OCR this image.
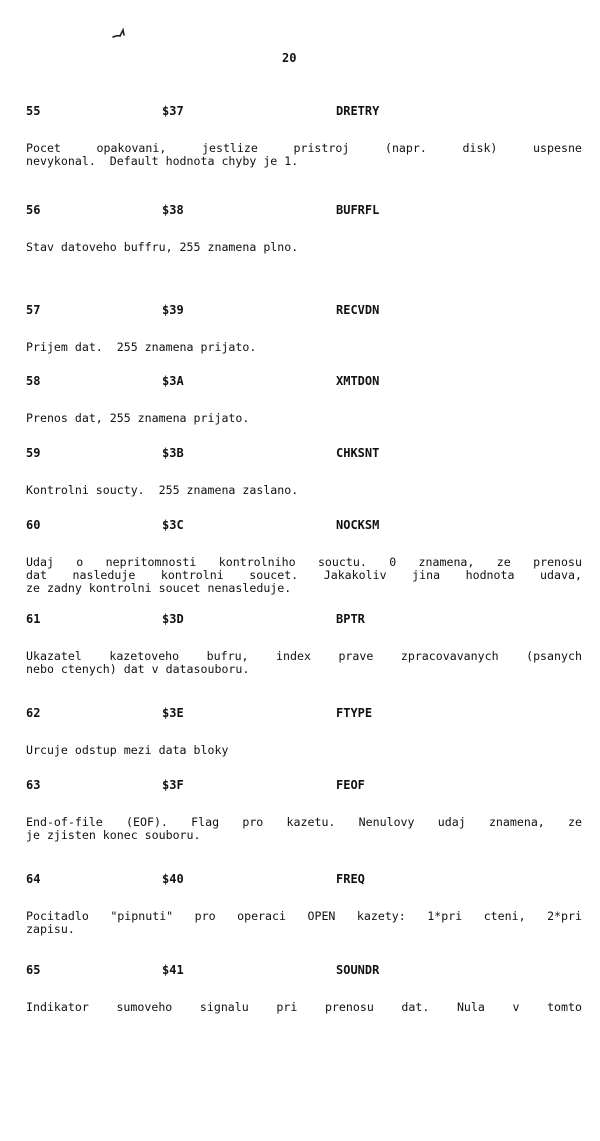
20
55	$37	DRETRY
Pocet	opakovani,	jestlize	pristroj	(napr.	disk)	uspesne
nevykonal.  Default hodnota chyby je 1.
56	$38	BUFRFL
Stav datoveho buffru, 255 znamena plno.
57	$39	RECVDN
Prijem dat.  255 znamena prijato.
58	$3A	XMTDON
Prenos dat, 255 znamena prijato.
59	$3B	CHKSNT
Kontrolni soucty.  255 znamena zaslano.
60	$3C	NOCKSM
Udaj o nepritomnosti kontrolniho souctu. 0 znamena, ze prenosu
dat nasleduje kontrolni soucet. Jakakoliv jina hodnota udava,
ze zadny kontrolni soucet nenasleduje.
61	$3D	BPTR
Ukazatel kazetoveho bufru, index prave zpracovavanych (psanych
nebo ctenych) dat v datasouboru.
62	$3E	FTYPE
Urcuje odstup mezi data bloky
63	$3F	FEOF
End-of-file (EOF). Flag pro kazetu. Nenulovy udaj znamena, ze
je zjisten konec souboru.
64	$40	FREQ
Pocitadlo "pipnuti" pro operaci OPEN kazety: 1*pri cteni, 2*pri
zapisu.
65	$41	SOUNDR
Indikator sumoveho signalu pri prenosu dat. Nula v tomto
